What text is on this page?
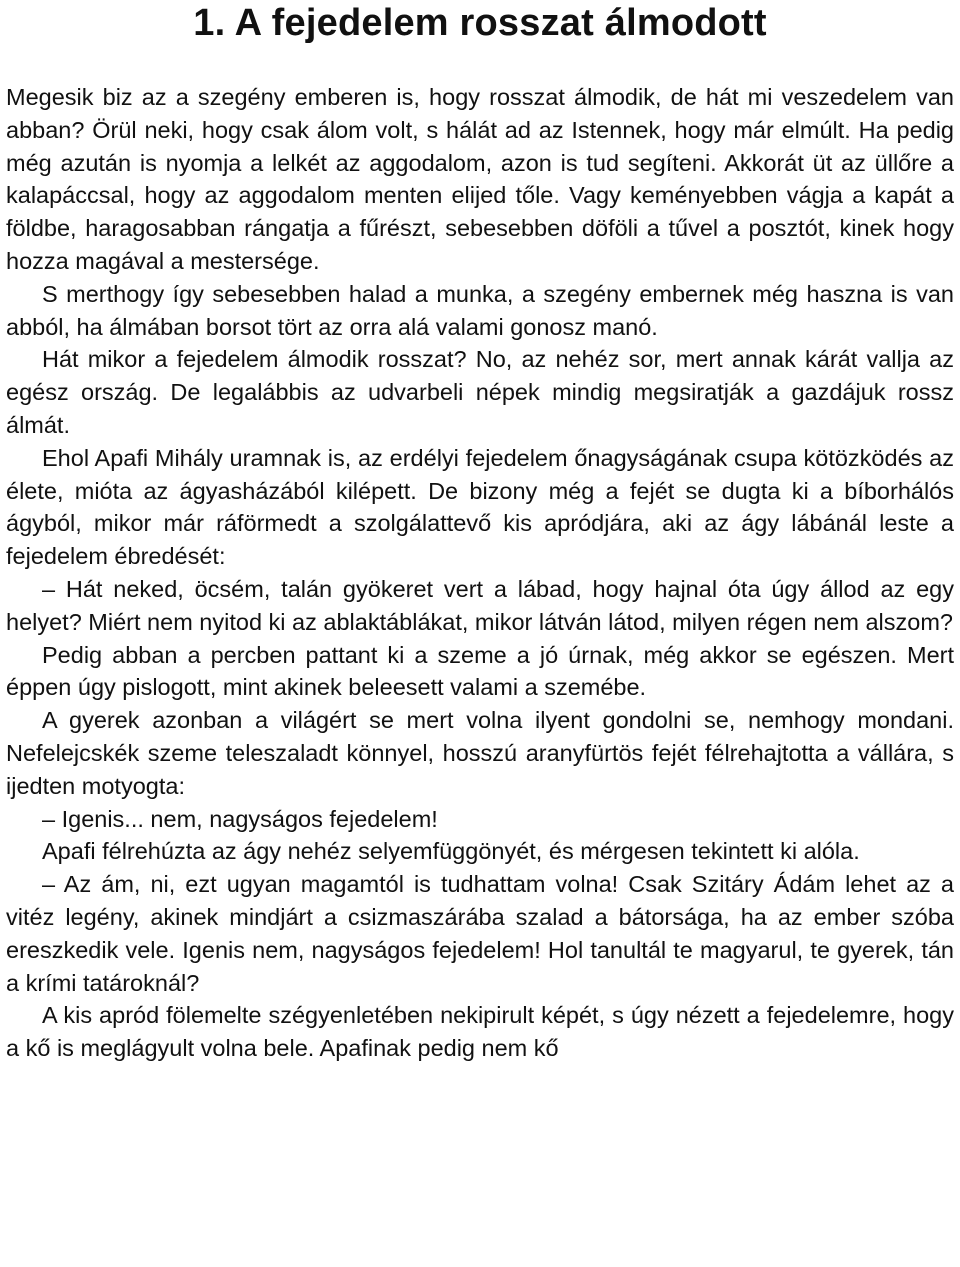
1. A fejedelem rosszat álmodott

Megesik biz az a szegény emberen is, hogy rosszat álmodik, de hát mi veszedelem van abban? Örül neki, hogy csak álom volt, s hálát ad az Istennek, hogy már elmúlt. Ha pedig még azután is nyomja a lelkét az aggodalom, azon is tud segíteni. Akkorát üt az üllőre a kalapáccsal, hogy az aggodalom menten elijed tőle. Vagy keményebben vágja a kapát a földbe, haragosabban rángatja a fűrészt, sebesebben döföli a tűvel a posztót, kinek hogy hozza magával a mestersége.

S merthogy így sebesebben halad a munka, a szegény embernek még haszna is van abból, ha álmában borsot tört az orra alá valami gonosz manó.

Hát mikor a fejedelem álmodik rosszat? No, az nehéz sor, mert annak kárát vallja az egész ország. De legalábbis az udvarbeli népek mindig megsiratják a gazdájuk rossz álmát.

Ehol Apafi Mihály uramnak is, az erdélyi fejedelem őnagyságának csupa kötözködés az élete, mióta az ágyasházából kilépett. De bizony még a fejét se dugta ki a bíborhálós ágyból, mikor már ráförmedt a szolgálattevő kis apródjára, aki az ágy lábánál leste a fejedelem ébredését:

– Hát neked, öcsém, talán gyökeret vert a lábad, hogy hajnal óta úgy állod az egy helyet? Miért nem nyitod ki az ablaktáblákat, mikor látván látod, milyen régen nem alszom?

Pedig abban a percben pattant ki a szeme a jó úrnak, még akkor se egészen. Mert éppen úgy pislogott, mint akinek beleesett valami a szemébe.

A gyerek azonban a világért se mert volna ilyent gondolni se, nemhogy mondani. Nefelejcskék szeme teleszaladt könnyel, hosszú aranyfürtös fejét félrehajtotta a vállára, s ijedten motyogta:

– Igenis... nem, nagyságos fejedelem!

Apafi félrehúzta az ágy nehéz selyemfüggönyét, és mérgesen tekintett ki alóla.

– Az ám, ni, ezt ugyan magamtól is tudhattam volna! Csak Szitáry Ádám lehet az a vitéz legény, akinek mindjárt a csizmaszárába szalad a bátorsága, ha az ember szóba ereszkedik vele. Igenis nem, nagyságos fejedelem! Hol tanultál te magyarul, te gyerek, tán a krími tatároknál?

A kis apród fölemelte szégyenletében nekipirult képét, s úgy nézett a fejedelemre, hogy a kő is meglágyult volna bele. Apafinak pedig nem kő
